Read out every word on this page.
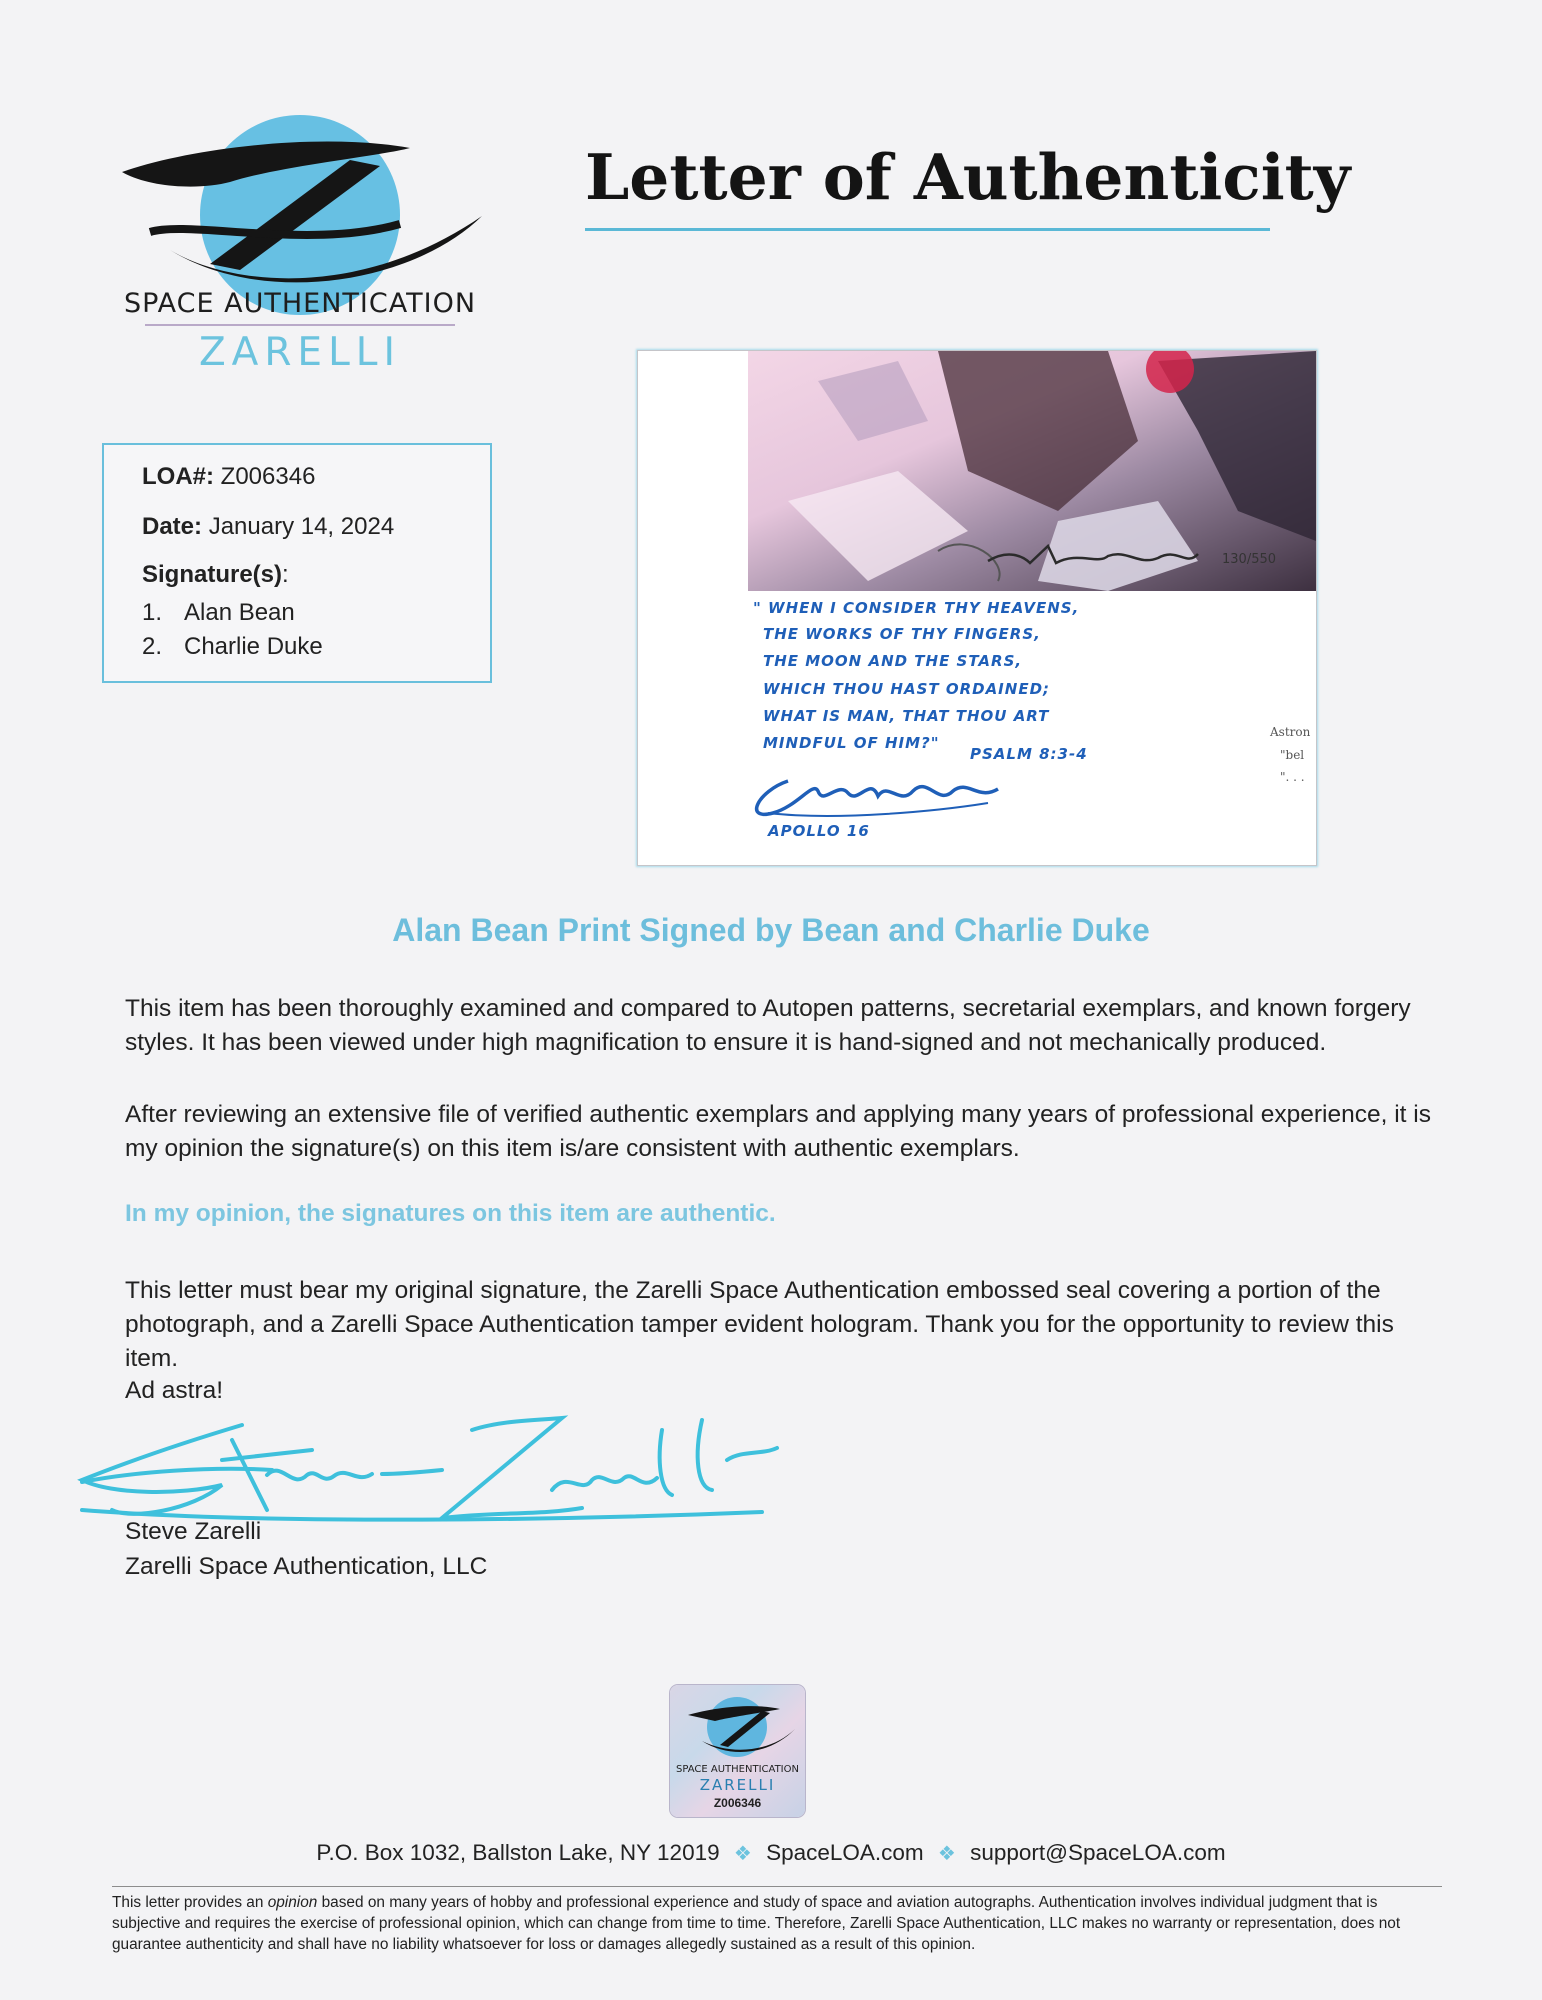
SPACE AUTHENTICATION
ZARELLI
Letter of Authenticity
LOA#: Z006346
Date: January 14, 2024
Signature(s):
1. Alan Bean
2. Charlie Duke
130/550
" WHEN I CONSIDER THY HEAVENS,
THE WORKS OF THY FINGERS,
THE MOON AND THE STARS,
WHICH THOU HAST ORDAINED;
WHAT IS MAN, THAT THOU ART
MINDFUL OF HIM?"
PSALM 8:3-4
APOLLO 16
Astron
"bel
". . .
Alan Bean Print Signed by Bean and Charlie Duke
This item has been thoroughly examined and compared to Autopen patterns, secretarial exemplars, and known forgery styles. It has been viewed under high magnification to ensure it is hand-signed and not mechanically produced.
After reviewing an extensive file of verified authentic exemplars and applying many years of professional experience, it is my opinion the signature(s) on this item is/are consistent with authentic exemplars.
In my opinion, the signatures on this item are authentic.
This letter must bear my original signature, the Zarelli Space Authentication embossed seal covering a portion of the photograph, and a Zarelli Space Authentication tamper evident hologram. Thank you for the opportunity to review this item.
Ad astra!
Steve Zarelli
Zarelli Space Authentication, LLC
SPACE AUTHENTICATION
ZARELLI
Z006346
P.O. Box 1032, Ballston Lake, NY 12019 ❖ SpaceLOA.com ❖ support@SpaceLOA.com
This letter provides an opinion based on many years of hobby and professional experience and study of space and aviation autographs. Authentication involves individual judgment that is subjective and requires the exercise of professional opinion, which can change from time to time. Therefore, Zarelli Space Authentication, LLC makes no warranty or representation, does not guarantee authenticity and shall have no liability whatsoever for loss or damages allegedly sustained as a result of this opinion.
